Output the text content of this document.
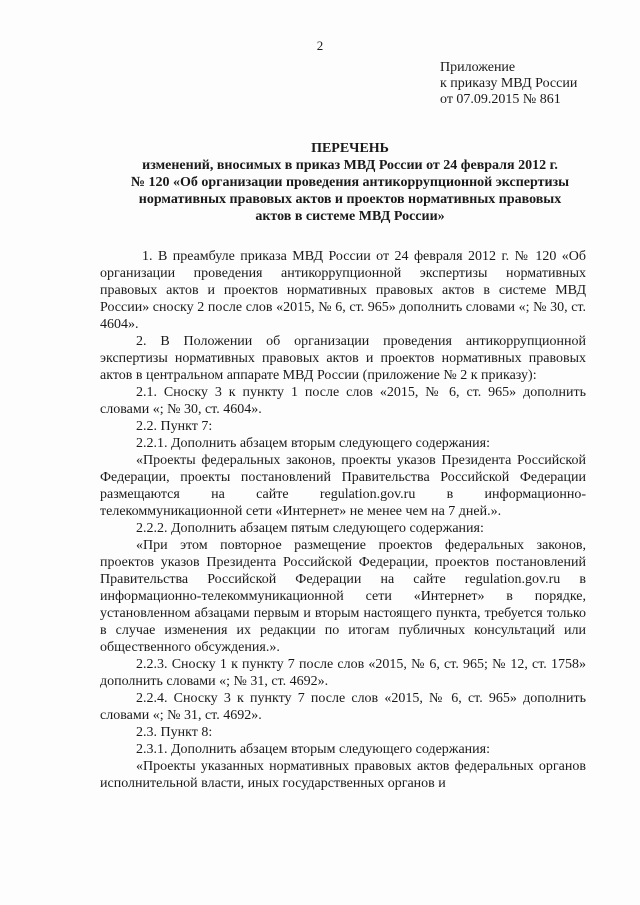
2
Приложение
к приказу МВД России
от 07.09.2015 № 861
ПЕРЕЧЕНЬ
изменений, вносимых в приказ МВД России от 24 февраля 2012 г.
№ 120 «Об организации проведения антикоррупционной экспертизы
нормативных правовых актов и проектов нормативных правовых
актов в системе МВД России»

1. В преамбуле приказа МВД России от 24 февраля 2012 г. № 120 «Об организации проведения антикоррупционной экспертизы нормативных правовых актов и проектов нормативных правовых актов в системе МВД России» сноску 2 после слов «2015, № 6, ст. 965» дополнить словами «; № 30, ст. 4604».

2. В Положении об организации проведения антикоррупционной экспертизы нормативных правовых актов и проектов нормативных правовых актов в центральном аппарате МВД России (приложение № 2 к приказу):

2.1. Сноску 3 к пункту 1 после слов «2015, № 6, ст. 965» дополнить словами «; № 30, ст. 4604».

2.2. Пункт 7:

2.2.1. Дополнить абзацем вторым следующего содержания:

«Проекты федеральных законов, проекты указов Президента Российской Федерации, проекты постановлений Правительства Российской Федерации размещаются на сайте regulation.gov.ru в информационно-телекоммуникационной сети «Интернет» не менее чем на 7 дней.».

2.2.2. Дополнить абзацем пятым следующего содержания:

«При этом повторное размещение проектов федеральных законов, проектов указов Президента Российской Федерации, проектов постановлений Правительства Российской Федерации на сайте regulation.gov.ru в информационно-телекоммуникационной сети «Интернет» в порядке, установленном абзацами первым и вторым настоящего пункта, требуется только в случае изменения их редакции по итогам публичных консультаций или общественного обсуждения.».

2.2.3. Сноску 1 к пункту 7 после слов «2015, № 6, ст. 965; № 12, ст. 1758» дополнить словами «; № 31, ст. 4692».

2.2.4. Сноску 3 к пункту 7 после слов «2015, № 6, ст. 965» дополнить словами «; № 31, ст. 4692».

2.3. Пункт 8:

2.3.1. Дополнить абзацем вторым следующего содержания:

«Проекты указанных нормативных правовых актов федеральных органов исполнительной власти, иных государственных органов и
